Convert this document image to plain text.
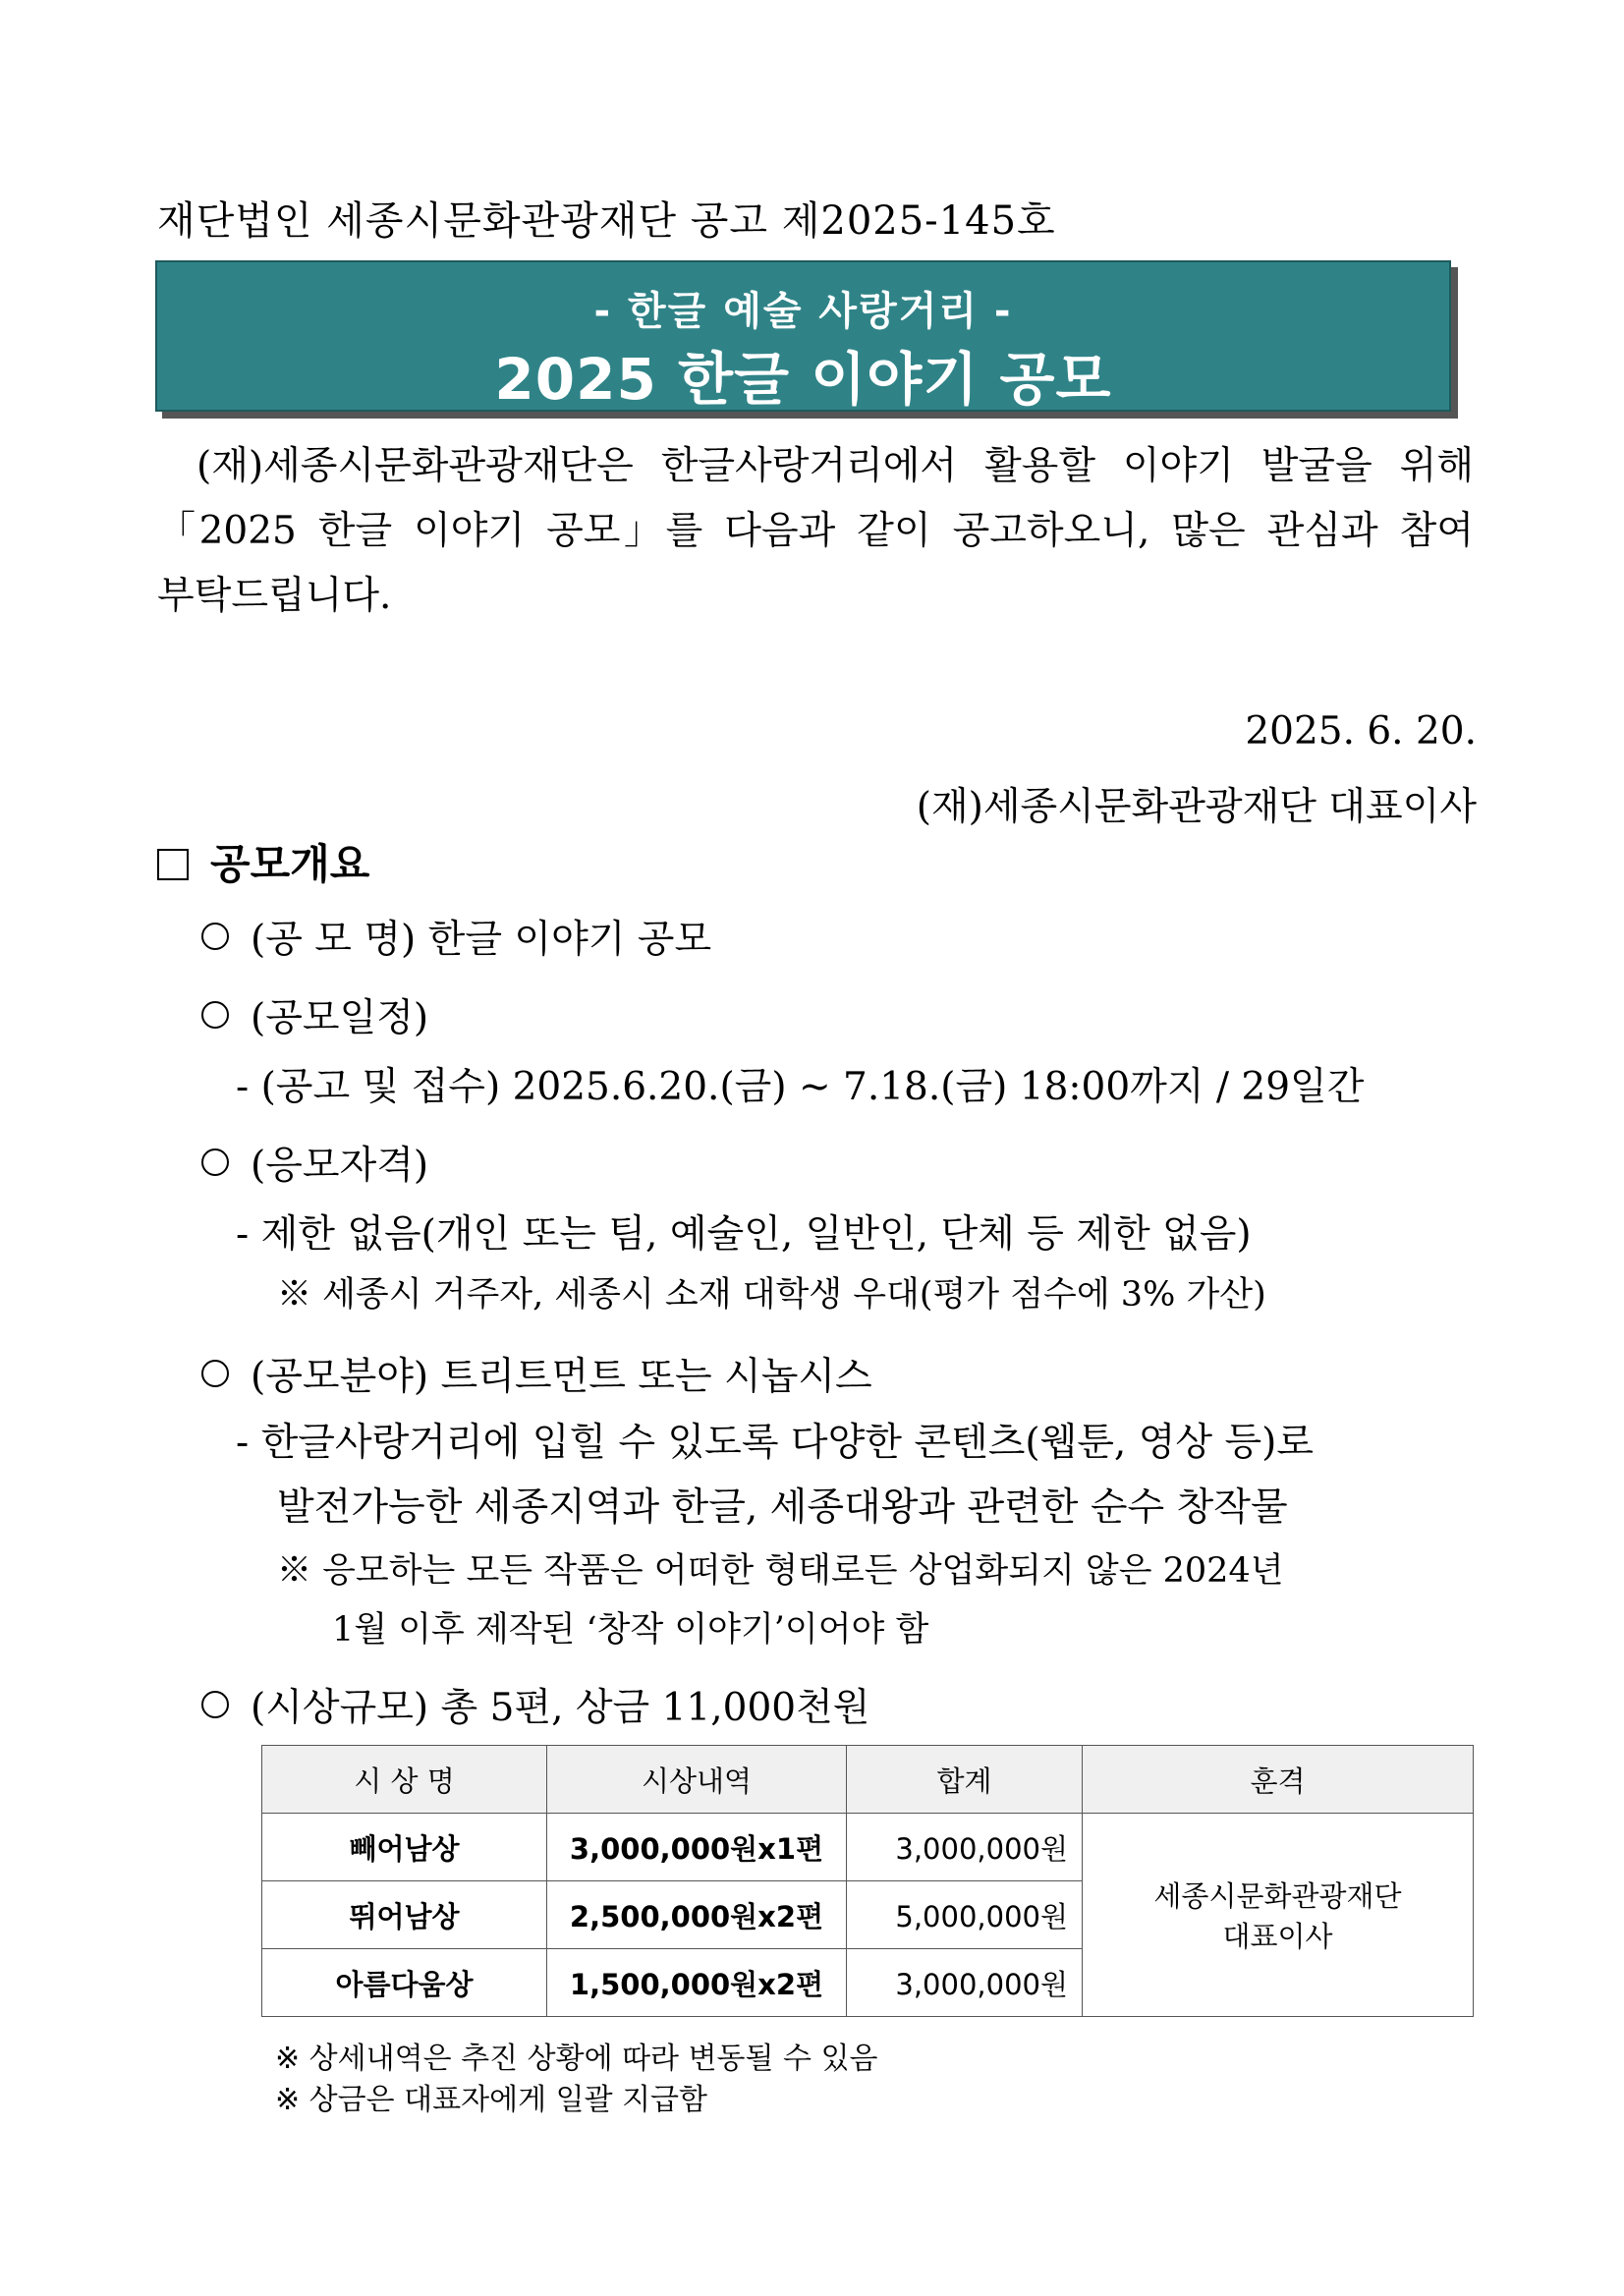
재단법인 세종시문화관광재단 공고 제2025-145호
- 한글 예술 사랑거리 -
2025 한글 이야기 공모
(재)세종시문화관광재단은 한글사랑거리에서 활용할 이야기 발굴을 위해 「2025 한글 이야기 공모」를 다음과 같이 공고하오니, 많은 관심과 참여 부탁드립니다.
2025. 6. 20.
(재)세종시문화관광재단 대표이사
공모개요
(공 모 명) 한글 이야기 공모
(공모일정)
- (공고 및 접수) 2025.6.20.(금) ~ 7.18.(금) 18:00까지 / 29일간
(응모자격)
- 제한 없음(개인 또는 팀, 예술인, 일반인, 단체 등 제한 없음)
※ 세종시 거주자, 세종시 소재 대학생 우대(평가 점수에 3% 가산)
(공모분야) 트리트먼트 또는 시놉시스
- 한글사랑거리에 입힐 수 있도록 다양한 콘텐츠(웹툰, 영상 등)로
발전가능한 세종지역과 한글, 세종대왕과 관련한 순수 창작물
※ 응모하는 모든 작품은 어떠한 형태로든 상업화되지 않은 2024년
1월 이후 제작된 ‘창작 이야기’이어야 함
(시상규모) 총 5편, 상금 11,000천원
시 상 명	시상내역	합계	훈격
빼어남상	3,000,000원x1편	3,000,000원	세종시문화관광재단
대표이사

뛰어남상	2,500,000원x2편	5,000,000원	
아름다움상	1,500,000원x2편	3,000,000원	
※ 상세내역은 추진 상황에 따라 변동될 수 있음
※ 상금은 대표자에게 일괄 지급함
